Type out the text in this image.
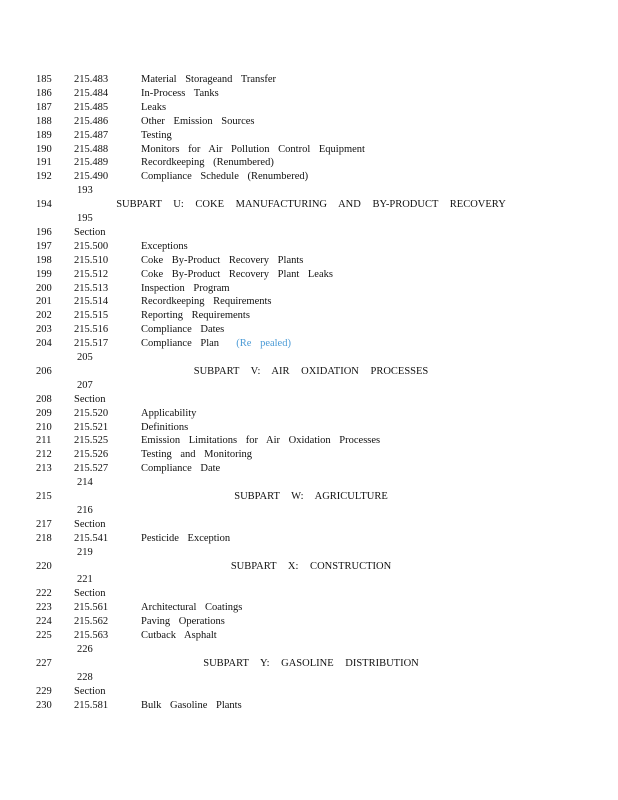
185	215.483	Material Storageand Transfer
186	215.484	In-Process Tanks
187	215.485	Leaks
188	215.486	Other Emission Sources
189	215.487	Testing
190	215.488	Monitors for Air Pollution Control Equipment
191	215.489	Recordkeeping (Renumbered)
192	215.490	Compliance Schedule (Renumbered)
193
194	SUBPART U: COKE MANUFACTURING AND BY-PRODUCT RECOVERY
195
196	Section
197	215.500	Exceptions
198	215.510	Coke By-Product Recovery Plants
199	215.512	Coke By-Product Recovery Plant Leaks
200	215.513	Inspection Program
201	215.514	Recordkeeping Requirements
202	215.515	Reporting Requirements
203	215.516	Compliance Dates
204	215.517	Compliance Plan (Re pealed)
205
206	SUBPART V: AIR OXIDATION PROCESSES
207
208	Section
209	215.520	Applicability
210	215.521	Definitions
211	215.525	Emission Limitations for Air Oxidation Processes
212	215.526	Testing and Monitoring
213	215.527	Compliance Date
214
215	SUBPART W: AGRICULTURE
216
217	Section
218	215.541	Pesticide Exception
219
220	SUBPART X: CONSTRUCTION
221
222	Section
223	215.561	Architectural Coatings
224	215.562	Paving Operations
225	215.563	Cutback Asphalt
226
227	SUBPART Y: GASOLINE DISTRIBUTION
228
229	Section
230	215.581	Bulk Gasoline Plants
